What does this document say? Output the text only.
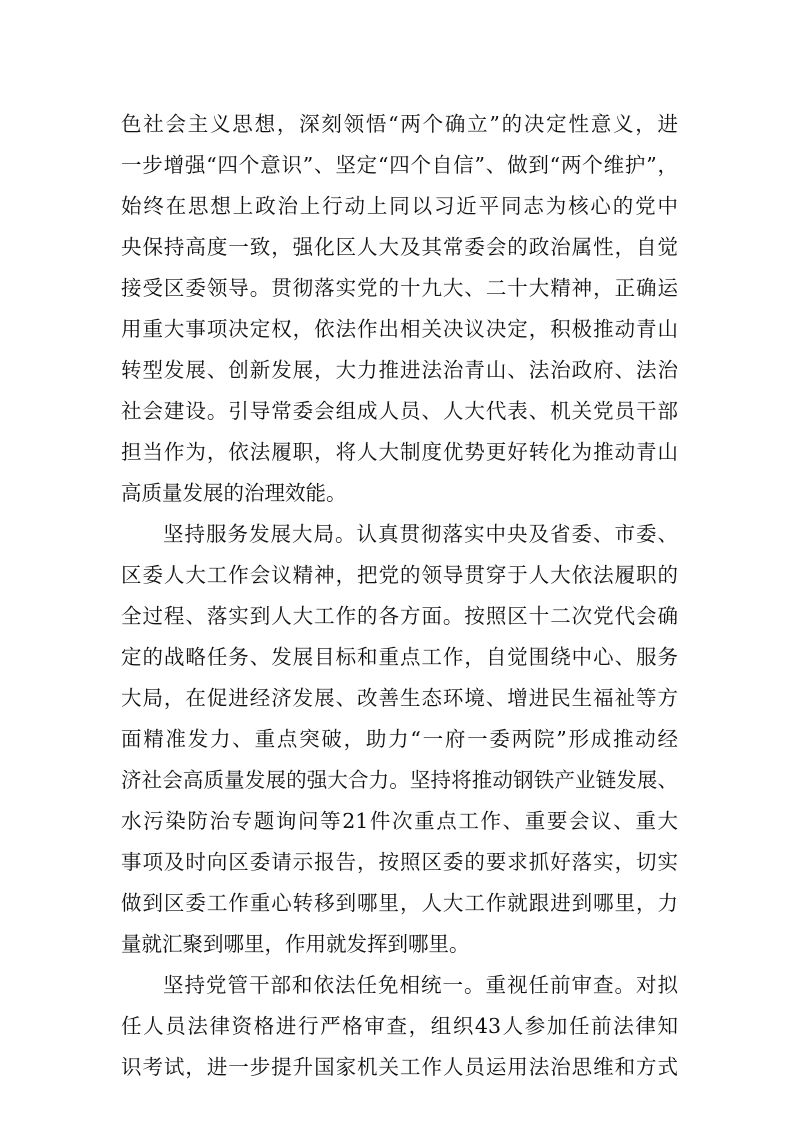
色社会主义思想，深刻领悟“两个确立”的决定性意义，进
一步增强“四个意识”、坚定“四个自信”、做到“两个维护”，
始终在思想上政治上行动上同以习近平同志为核心的党中
央保持高度一致，强化区人大及其常委会的政治属性，自觉
接受区委领导。贯彻落实党的十九大、二十大精神，正确运
用重大事项决定权，依法作出相关决议决定，积极推动青山
转型发展、创新发展，大力推进法治青山、法治政府、法治
社会建设。引导常委会组成人员、人大代表、机关党员干部
担当作为，依法履职，将人大制度优势更好转化为推动青山
高质量发展的治理效能。
坚持服务发展大局。认真贯彻落实中央及省委、市委、
区委人大工作会议精神，把党的领导贯穿于人大依法履职的
全过程、落实到人大工作的各方面。按照区十二次党代会确
定的战略任务、发展目标和重点工作，自觉围绕中心、服务
大局，在促进经济发展、改善生态环境、增进民生福祉等方
面精准发力、重点突破，助力“一府一委两院”形成推动经
济社会高质量发展的强大合力。坚持将推动钢铁产业链发展、
水污染防治专题询问等21件次重点工作、重要会议、重大
事项及时向区委请示报告，按照区委的要求抓好落实，切实
做到区委工作重心转移到哪里，人大工作就跟进到哪里，力
量就汇聚到哪里，作用就发挥到哪里。
坚持党管干部和依法任免相统一。重视任前审查。对拟
任人员法律资格进行严格审查，组织43人参加任前法律知
识考试，进一步提升国家机关工作人员运用法治思维和方式
